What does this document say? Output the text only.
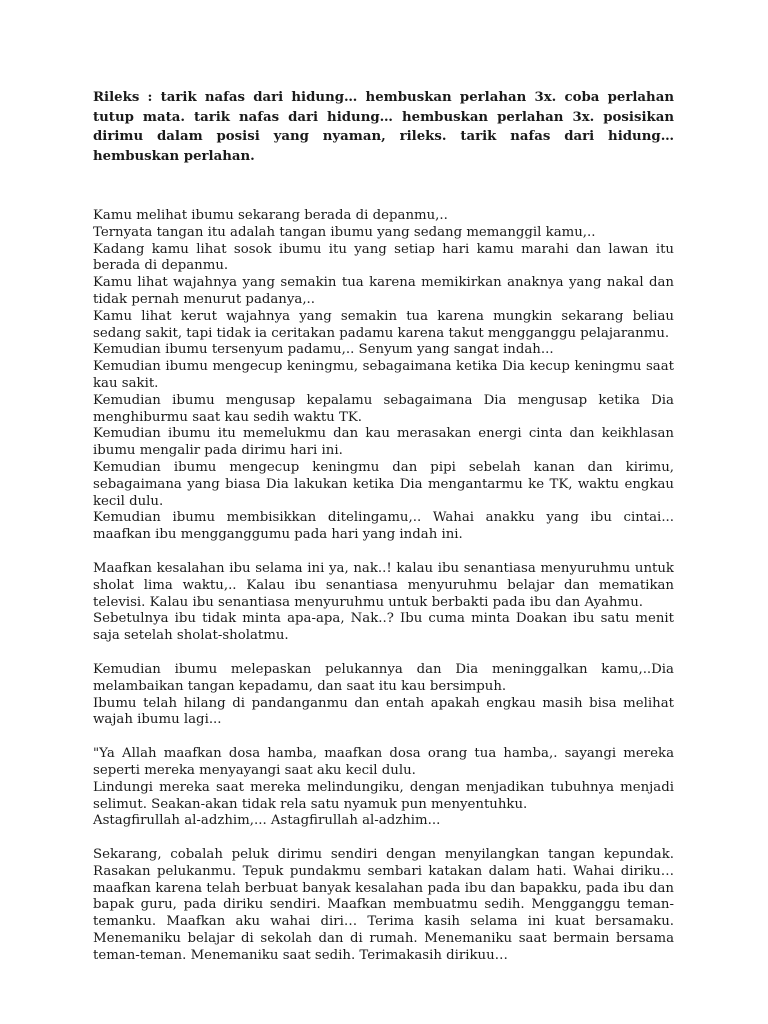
Rileks : tarik nafas dari hidung… hembuskan perlahan 3x. coba perlahan tutup mata. tarik nafas dari hidung… hembuskan perlahan 3x. posisikan dirimu dalam posisi yang nyaman, rileks. tarik nafas dari hidung… hembuskan perlahan.

Kamu melihat ibumu sekarang berada di depanmu,..

Ternyata tangan itu adalah tangan ibumu yang sedang memanggil kamu,..

Kadang kamu lihat sosok ibumu itu yang setiap hari kamu marahi dan lawan itu berada di depanmu.

Kamu lihat wajahnya yang semakin tua karena memikirkan anaknya yang nakal dan tidak pernah menurut padanya,..

Kamu lihat kerut wajahnya yang semakin tua karena mungkin sekarang beliau sedang sakit, tapi tidak ia ceritakan padamu karena takut mengganggu pelajaranmu.

Kemudian ibumu tersenyum padamu,.. Senyum yang sangat indah...

Kemudian ibumu mengecup keningmu, sebagaimana ketika Dia kecup keningmu saat kau sakit.

Kemudian ibumu mengusap kepalamu sebagaimana Dia mengusap ketika Dia menghiburmu saat kau sedih waktu TK.

Kemudian ibumu itu memelukmu dan kau merasakan energi cinta dan keikhlasan ibumu mengalir pada dirimu hari ini.

Kemudian ibumu mengecup keningmu dan pipi sebelah kanan dan kirimu, sebagaimana yang biasa Dia lakukan ketika Dia mengantarmu ke TK, waktu engkau kecil dulu.

Kemudian ibumu membisikkan ditelingamu,.. Wahai anakku yang ibu cintai... maafkan ibu mengganggumu pada hari yang indah ini.

Maafkan kesalahan ibu selama ini ya, nak..! kalau ibu senantiasa menyuruhmu untuk sholat lima waktu,.. Kalau ibu senantiasa menyuruhmu belajar dan mematikan televisi. Kalau ibu senantiasa menyuruhmu untuk berbakti pada ibu dan Ayahmu.

Sebetulnya ibu tidak minta apa-apa, Nak..? Ibu cuma minta Doakan ibu satu menit saja setelah sholat-sholatmu.

Kemudian ibumu melepaskan pelukannya dan Dia meninggalkan kamu,..Dia melambaikan tangan kepadamu, dan saat itu kau bersimpuh.

Ibumu telah hilang di pandanganmu dan entah apakah engkau masih bisa melihat wajah ibumu lagi...

"Ya Allah maafkan dosa hamba, maafkan dosa orang tua hamba,. sayangi mereka seperti mereka menyayangi saat aku kecil dulu.

Lindungi mereka saat mereka melindungiku, dengan menjadikan tubuhnya menjadi selimut. Seakan-akan tidak rela satu nyamuk pun menyentuhku.

Astagfirullah al-adzhim,... Astagfirullah al-adzhim...

Sekarang, cobalah peluk dirimu sendiri dengan menyilangkan tangan kepundak. Rasakan pelukanmu. Tepuk pundakmu sembari katakan dalam hati. Wahai diriku… maafkan karena telah berbuat banyak kesalahan pada ibu dan bapakku, pada ibu dan bapak guru, pada diriku sendiri. Maafkan membuatmu sedih. Mengganggu teman-temanku. Maafkan aku wahai diri… Terima kasih selama ini kuat bersamaku. Menemaniku belajar di sekolah dan di rumah. Menemaniku saat bermain bersama teman-teman. Menemaniku saat sedih. Terimakasih dirikuu…
